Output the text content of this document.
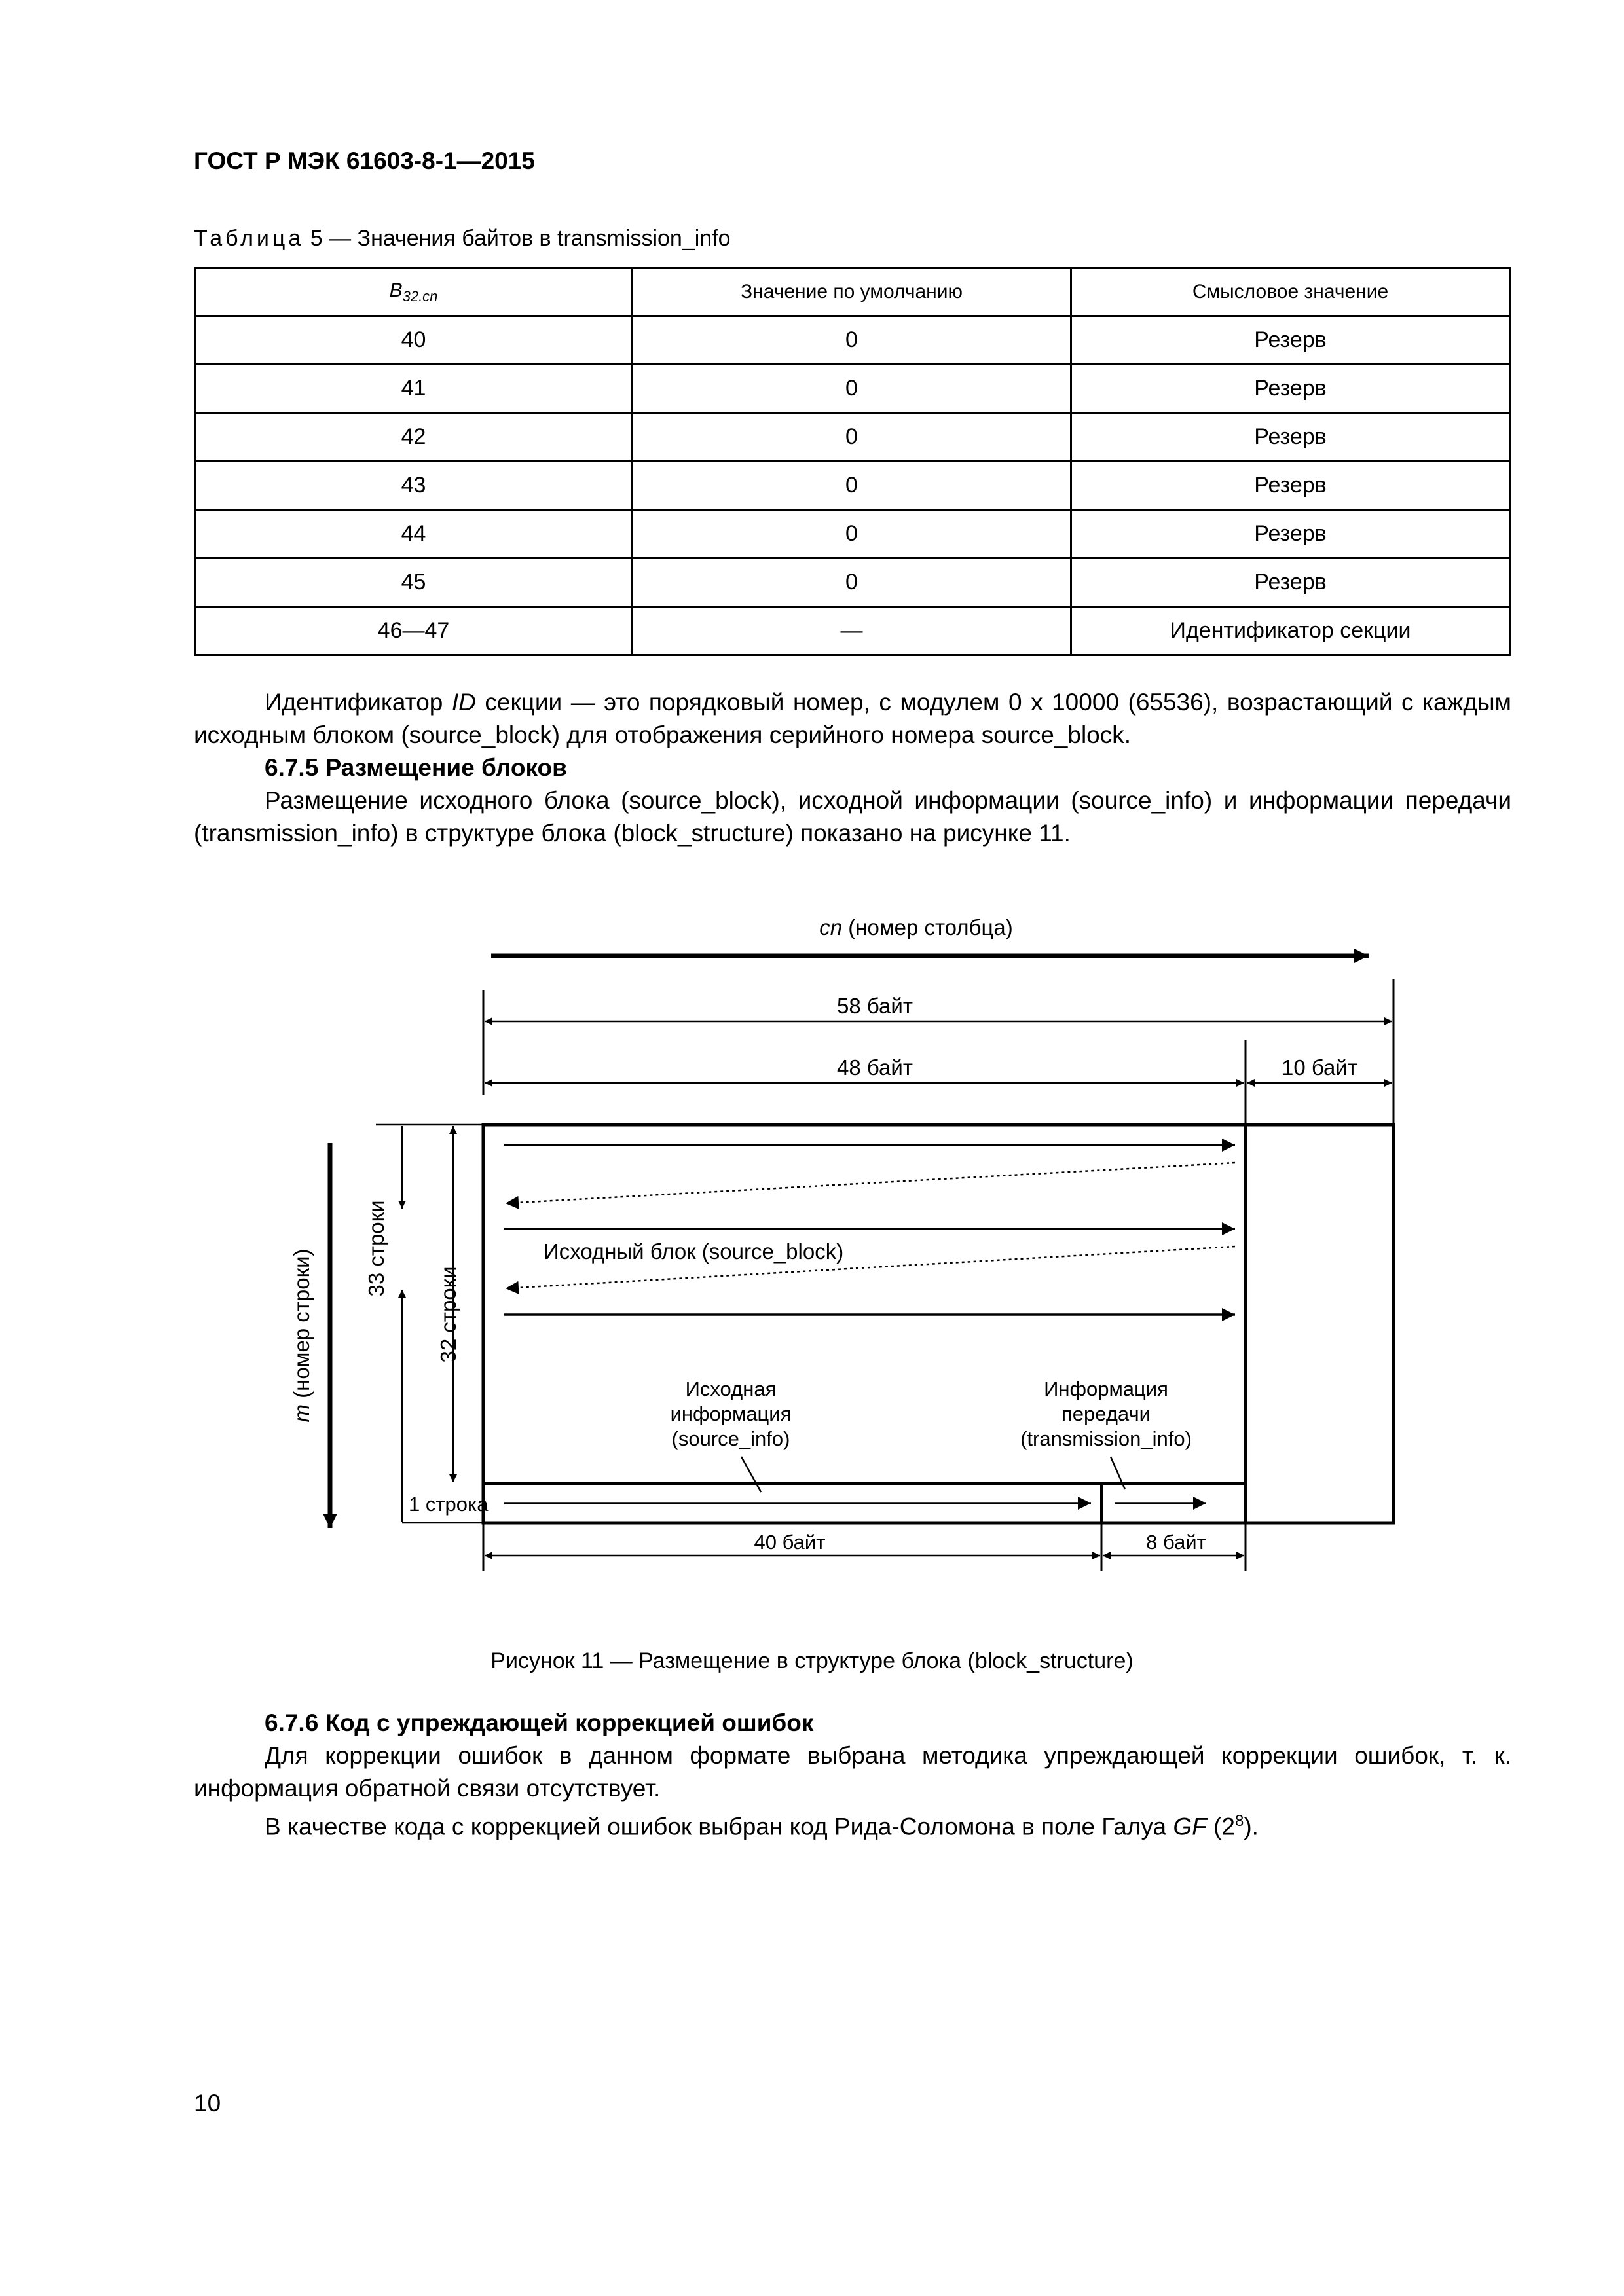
ГОСТ Р МЭК 61603-8-1—2015
Таблица 5 — Значения байтов в transmission_info
$B_{32.cn}$	Значение по умолчанию	Смысловое значение
40	0	Резерв
41	0	Резерв
42	0	Резерв
43	0	Резерв
44	0	Резерв
45	0	Резерв
46—47	—	Идентификатор секции

Идентификатор ID секции — это порядковый номер, с модулем 0 x 10000 (65536), возрастающий с каждым исходным блоком (source_block) для отображения серийного номера source_block.

6.7.5 Размещение блоков

Размещение исходного блока (source_block), исходной информации (source_info) и информации передачи (transmission_info) в структуре блока (block_structure) показано на рисунке 11.

cn (номер столбца)
58 байт
48 байт	10 байт
Исходный блок (source_block)
Исходная
информация
(source_info)
Информация
передачи
(transmission_info)
40 байт	8 байт
m (номер строки)
33 строки
32 строки
1 строка
Рисунок 11 — Размещение в структуре блока (block_structure)

6.7.6 Код с упреждающей коррекцией ошибок

Для коррекции ошибок в данном формате выбрана методика упреждающей коррекции ошибок, т. к. информация обратной связи отсутствует.

В качестве кода с коррекцией ошибок выбран код Рида-Соломона в поле Галуа GF $(2^8)$.

10
